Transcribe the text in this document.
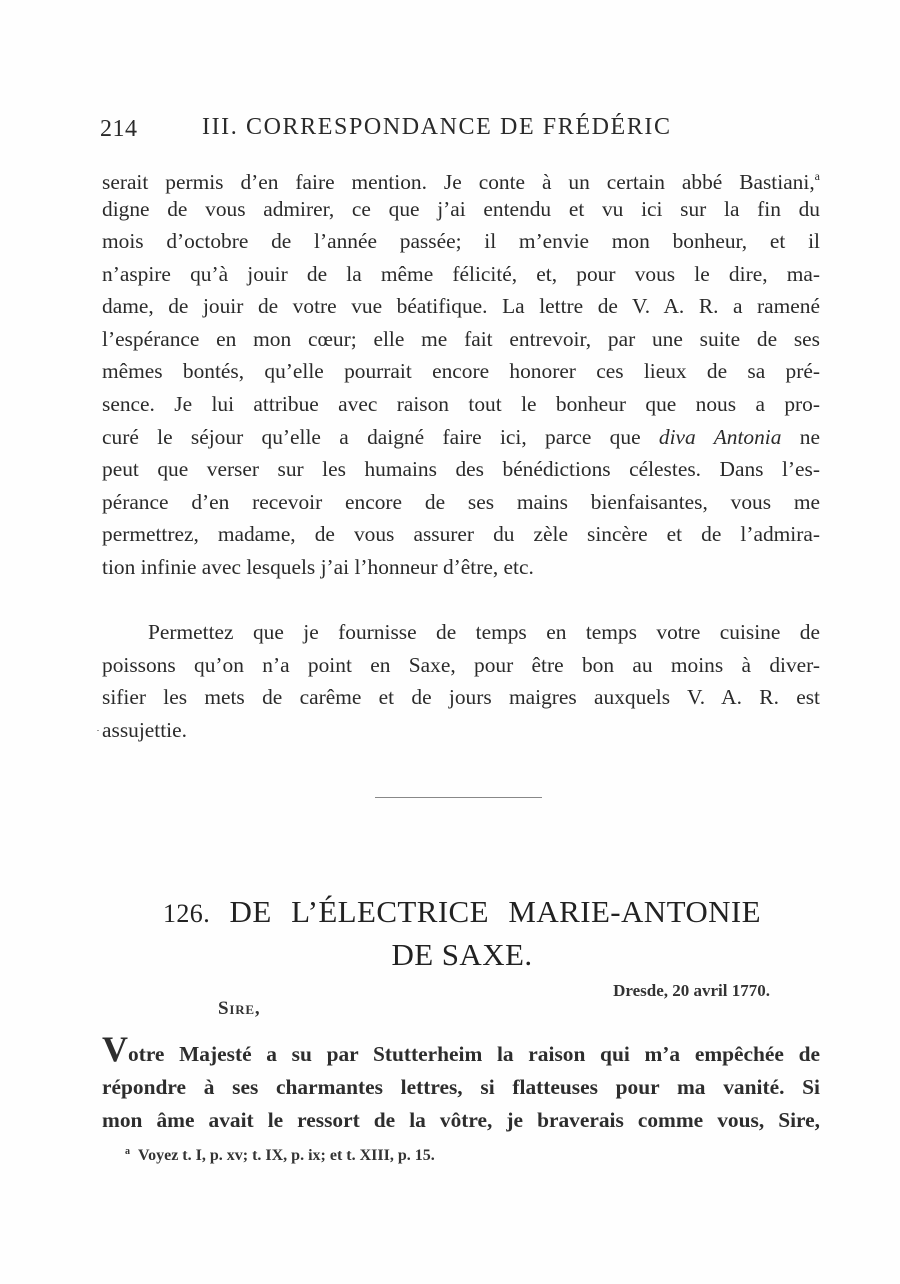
214	III. CORRESPONDANCE DE FRÉDÉRIC
serait permis d’en faire mention. Je conte à un certain abbé Bastiani,$^a$
digne de vous admirer, ce que j’ai entendu et vu ici sur la fin du
mois d’octobre de l’année passée; il m’envie mon bonheur, et il
n’aspire qu’à jouir de la même félicité, et, pour vous le dire, ma-
dame, de jouir de votre vue béatifique. La lettre de V. A. R. a ramené
l’espérance en mon cœur; elle me fait entrevoir, par une suite de ses
mêmes bontés, qu’elle pourrait encore honorer ces lieux de sa pré-
sence. Je lui attribue avec raison tout le bonheur que nous a pro-
curé le séjour qu’elle a daigné faire ici, parce que diva Antonia ne
peut que verser sur les humains des bénédictions célestes. Dans l’es-
pérance d’en recevoir encore de ses mains bienfaisantes, vous me
permettrez, madame, de vous assurer du zèle sincère et de l’admira-
tion infinie avec lesquels j’ai l’honneur d’être, etc.
Permettez que je fournisse de temps en temps votre cuisine de
poissons qu’on n’a point en Saxe, pour être bon au moins à diver-
sifier les mets de carême et de jours maigres auxquels V. A. R. est
assujettie.
126. DE L’ÉLECTRICE MARIE-ANTONIE
DE SAXE.
Dresde, 20 avril 1770.
Sire,
Votre Majesté a su par Stutterheim la raison qui m’a empêchée de
répondre à ses charmantes lettres, si flatteuses pour ma vanité. Si
mon âme avait le ressort de la vôtre, je braverais comme vous, Sire,
$^a$ Voyez t. I, p. xv; t. IX, p. ix; et t. XIII, p. 15.
